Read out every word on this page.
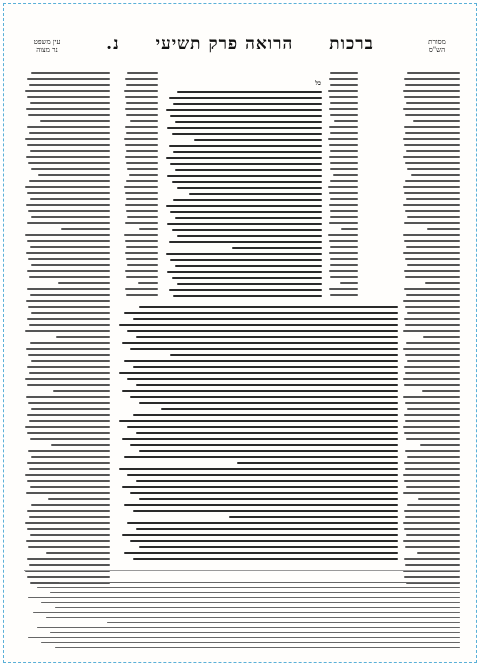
ברכות
הרואה פרק תשיעי
נ.	מסורת הש"ס
עין משפט נר מצוה
כל
